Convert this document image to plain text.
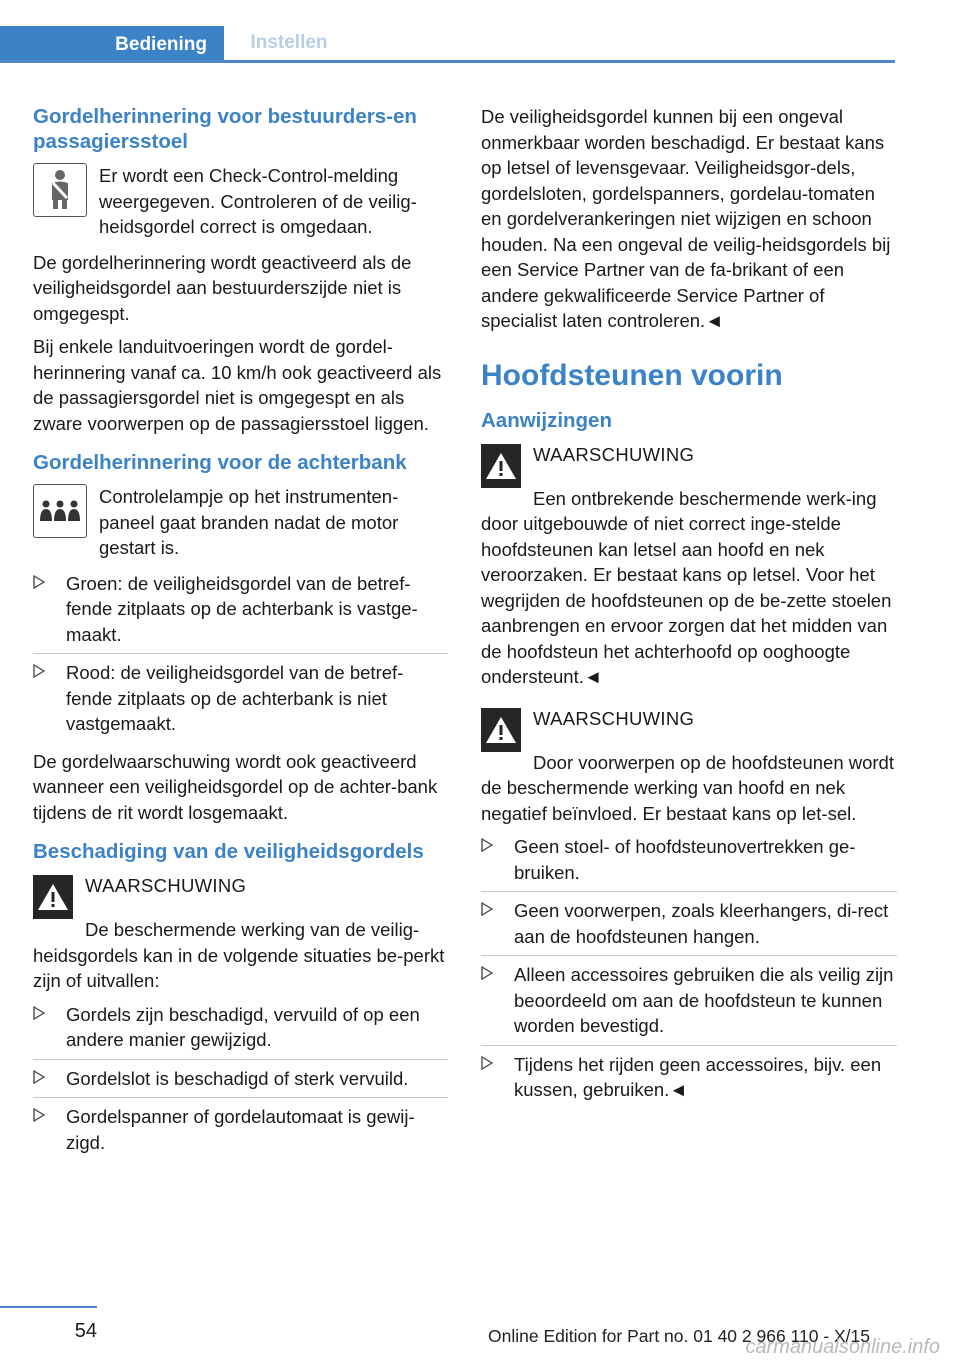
Bediening	Instellen
Gordelherinnering voor bestuurders-en passagiersstoel
Er wordt een Check-Control-melding weergegeven. Controleren of de veilig-heidsgordel correct is omgedaan.

De gordelherinnering wordt geactiveerd als de veiligheidsgordel aan bestuurderszijde niet is omgegespt.

Bij enkele landuitvoeringen wordt de gordel-herinnering vanaf ca. 10 km/h ook geactiveerd als de passagiersgordel niet is omgegespt en als zware voorwerpen op de passagiersstoel liggen.

Gordelherinnering voor de achterbank
Controlelampje op het instrumenten-paneel gaat branden nadat de motor gestart is.
Groen: de veiligheidsgordel van de betref-fende zitplaats op de achterbank is vastge-maakt.
Rood: de veiligheidsgordel van de betref-fende zitplaats op de achterbank is niet vastgemaakt.

De gordelwaarschuwing wordt ook geactiveerd wanneer een veiligheidsgordel op de achter-bank tijdens de rit wordt losgemaakt.

Beschadiging van de veiligheidsgordels
WAARSCHUWING
De beschermende werking van de veilig-heidsgordels kan in de volgende situaties be-perkt zijn of uitvallen:
Gordels zijn beschadigd, vervuild of op een andere manier gewijzigd.
Gordelslot is beschadigd of sterk vervuild.
Gordelspanner of gordelautomaat is gewij-zigd.

De veiligheidsgordel kunnen bij een ongeval onmerkbaar worden beschadigd. Er bestaat kans op letsel of levensgevaar. Veiligheidsgor-dels, gordelsloten, gordelspanners, gordelau-tomaten en gordelverankeringen niet wijzigen en schoon houden. Na een ongeval de veilig-heidsgordels bij een Service Partner van de fa-brikant of een andere gekwalificeerde Service Partner of specialist laten controleren.◄

Hoofdsteunen voorin
Aanwijzingen
WAARSCHUWING
Een ontbrekende beschermende werk-ing door uitgebouwde of niet correct inge-stelde hoofdsteunen kan letsel aan hoofd en nek veroorzaken. Er bestaat kans op letsel. Voor het wegrijden de hoofdsteunen op de be-zette stoelen aanbrengen en ervoor zorgen dat het midden van de hoofdsteun het achterhoofd op ooghoogte ondersteunt.◄
WAARSCHUWING
Door voorwerpen op de hoofdsteunen wordt de beschermende werking van hoofd en nek negatief beïnvloed. Er bestaat kans op let-sel.
Geen stoel- of hoofdsteunovertrekken ge-bruiken.
Geen voorwerpen, zoals kleerhangers, di-rect aan de hoofdsteunen hangen.
Alleen accessoires gebruiken die als veilig zijn beoordeeld om aan de hoofdsteun te kunnen worden bevestigd.
Tijdens het rijden geen accessoires, bijv. een kussen, gebruiken.◄
54	Online Edition for Part no. 01 40 2 966 110 - X/15
carmanualsonline.info
